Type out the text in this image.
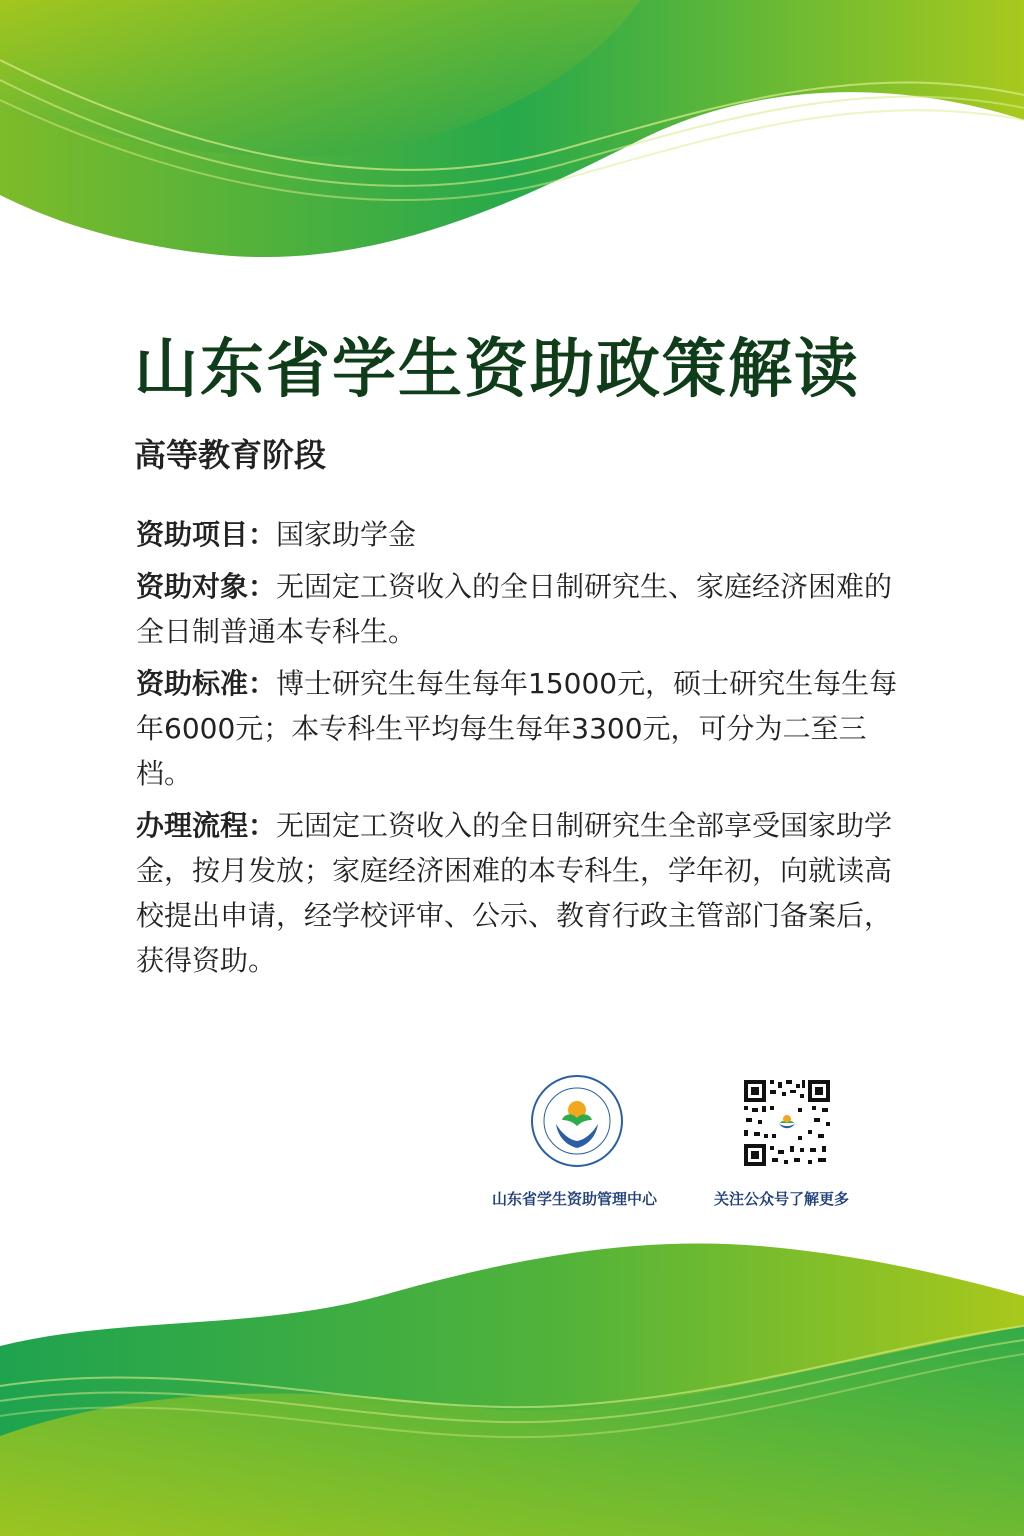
山东省学生资助政策解读
高等教育阶段

资助项目：国家助学金

资助对象：无固定工资收入的全日制研究生、家庭经济困难的全日制普通本专科生。

资助标准：博士研究生每生每年15000元，硕士研究生每生每年6000元；本专科生平均每生每年3300元，可分为二至三档。

办理流程：无固定工资收入的全日制研究生全部享受国家助学金，按月发放；家庭经济困难的本专科生，学年初，向就读高校提出申请，经学校评审、公示、教育行政主管部门备案后，获得资助。

山东省学生资助管理中心	关注公众号了解更多
